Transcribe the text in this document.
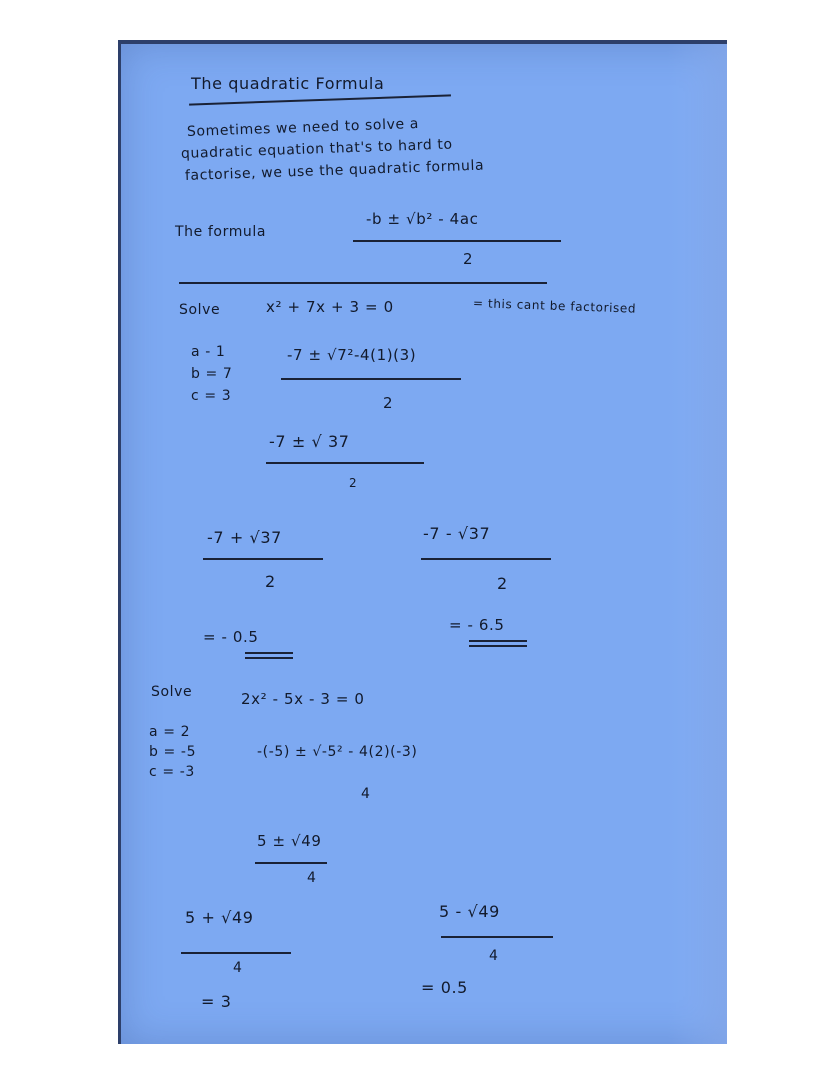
The quadratic Formula
Sometimes we need to solve a
quadratic equation that's to hard to
factorise, we use the quadratic formula
The formula
-b ± √b² - 4ac
2
Solve	x² + 7x + 3 = 0	= this cant be factorised
a - 1
b = 7
c = 3
-7 ± √7²-4(1)(3)
2
-7 ± √ 37
2
-7 + √37
2
-7 - √37
2
= - 0.5
= - 6.5
Solve	2x² - 5x - 3 = 0
a = 2
b = -5
c = -3
-(-5) ± √-5² - 4(2)(-3)
4
5 ± √49
4
5 + √49
4
5 - √49
4
= 3
= 0.5
